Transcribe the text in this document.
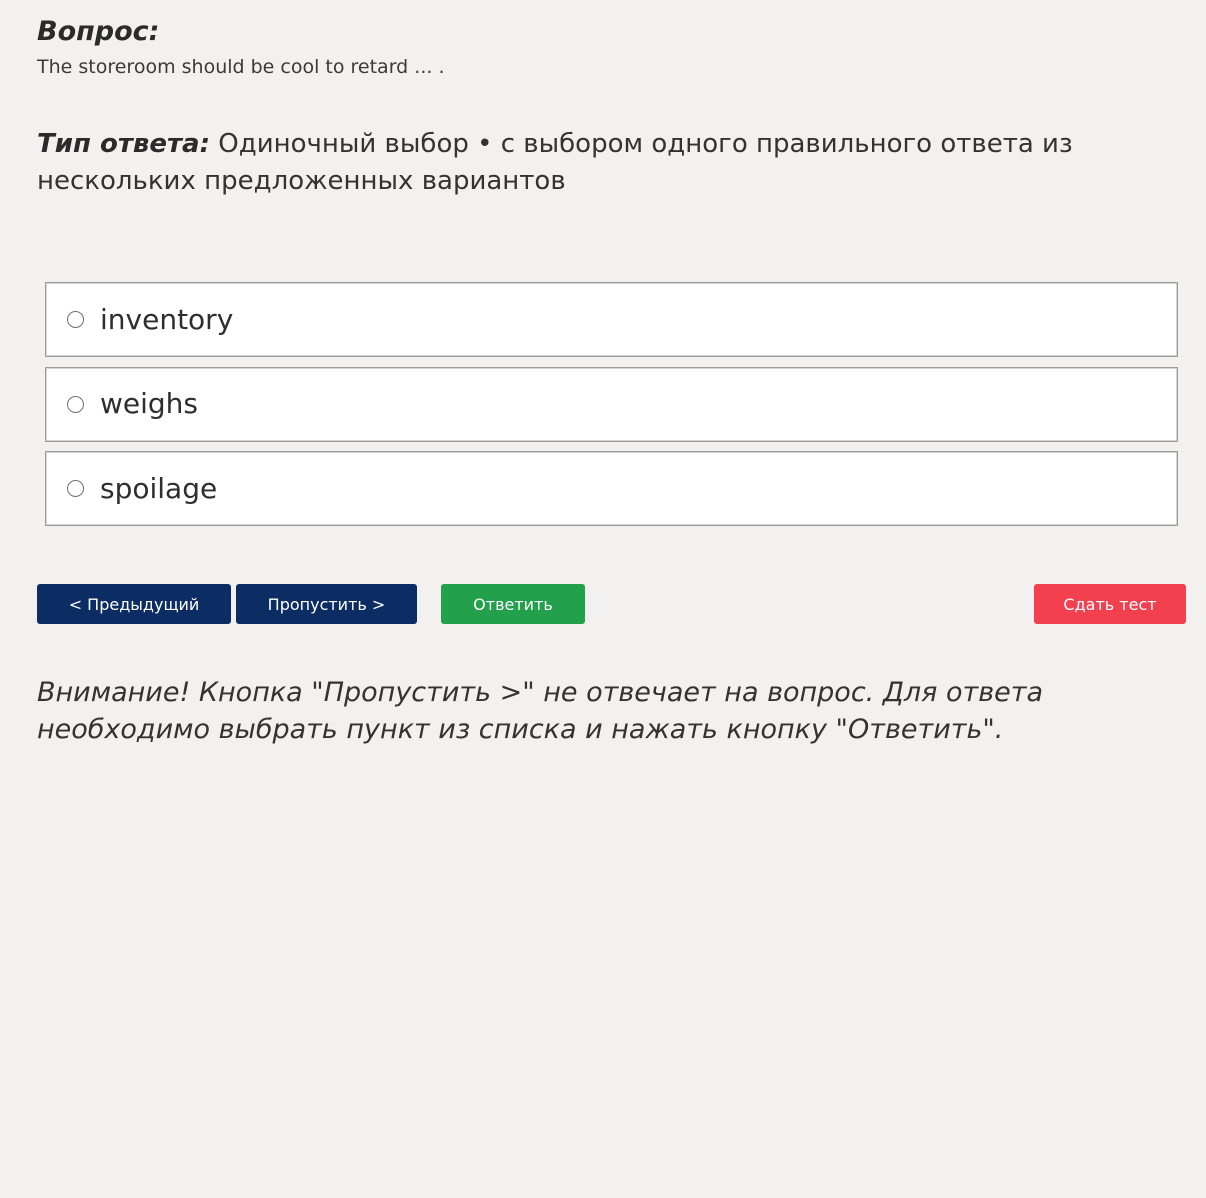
Вопрос:
The storeroom should be cool to retard ... .
Тип ответа: Одиночный выбор • с выбором одного правильного ответа из нескольких предложенных вариантов
inventory
weighs
spoilage
< Предыдущий	Пропустить >	Ответить	Сдать тест
Внимание! Кнопка "Пропустить >" не отвечает на вопрос. Для ответа необходимо выбрать пункт из списка и нажать кнопку "Ответить".
